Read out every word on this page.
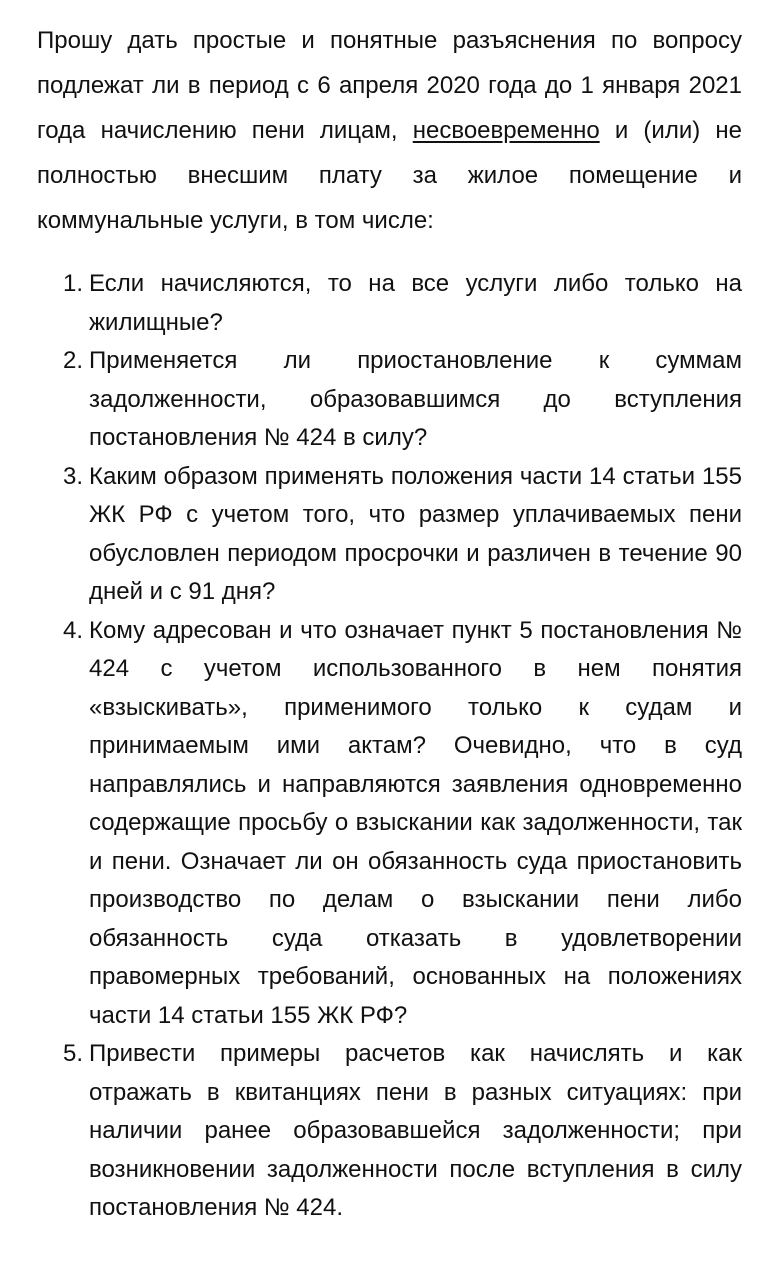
Прошу дать простые и понятные разъяснения по вопросу подлежат ли в период с 6 апреля 2020 года до 1 января 2021 года начислению пени лицам, несвоевременно и (или) не полностью внесшим плату за жилое помещение и коммунальные услуги, в том числе:

1. Если начисляются, то на все услуги либо только на жилищные?
2. Применяется ли приостановление к суммам задолженности, образовавшимся до вступления постановления № 424 в силу?
3. Каким образом применять положения части 14 статьи 155 ЖК РФ с учетом того, что размер уплачиваемых пени обусловлен периодом просрочки и различен в течение 90 дней и с 91 дня?
4. Кому адресован и что означает пункт 5 постановления № 424 с учетом использованного в нем понятия «взыскивать», применимого только к судам и принимаемым ими актам? Очевидно, что в суд направлялись и направляются заявления одновременно содержащие просьбу о взыскании как задолженности, так и пени. Означает ли он обязанность суда приостановить производство по делам о взыскании пени либо обязанность суда отказать в удовлетворении правомерных требований, основанных на положениях части 14 статьи 155 ЖК РФ?
5. Привести примеры расчетов как начислять и как отражать в квитанциях пени в разных ситуациях: при наличии ранее образовавшейся задолженности; при возникновении задолженности после вступления в силу постановления № 424.
